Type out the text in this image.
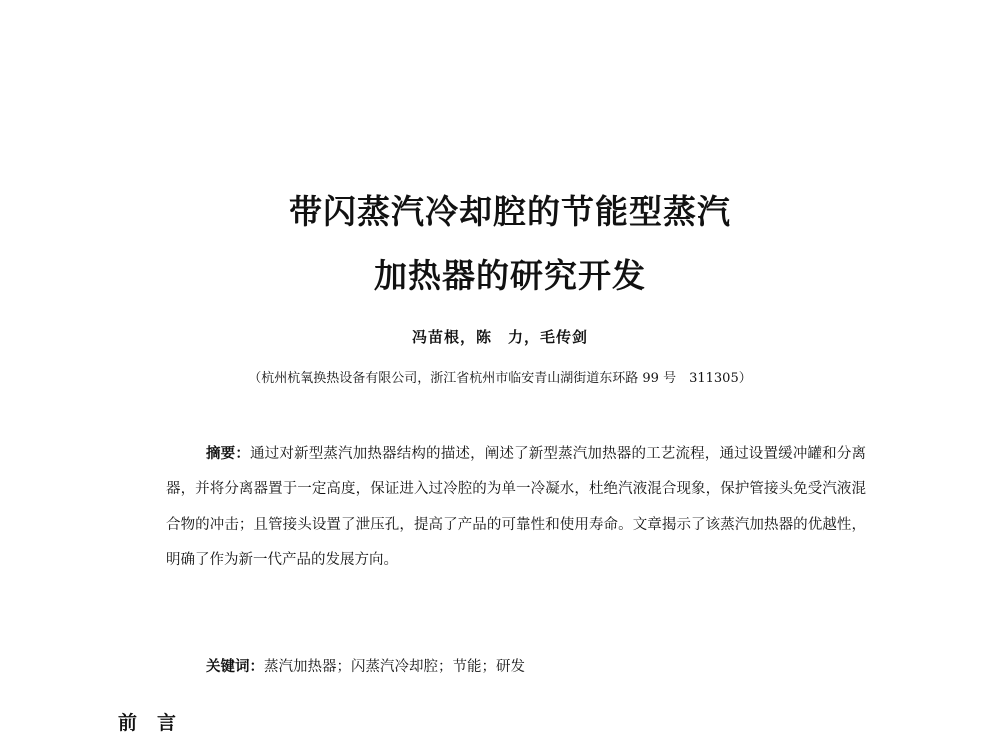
带闪蒸汽冷却腔的节能型蒸汽
加热器的研究开发
冯苗根，陈　力，毛传剑
（杭州杭氧换热设备有限公司，浙江省杭州市临安青山湖街道东环路 99 号　311305）

摘要：通过对新型蒸汽加热器结构的描述，阐述了新型蒸汽加热器的工艺流程，通过设置缓冲罐和分离器，并将分离器置于一定高度，保证进入过冷腔的为单一冷凝水，杜绝汽液混合现象，保护管接头免受汽液混合物的冲击；且管接头设置了泄压孔，提高了产品的可靠性和使用寿命。文章揭示了该蒸汽加热器的优越性，明确了作为新一代产品的发展方向。

关键词：蒸汽加热器；闪蒸汽冷却腔；节能；研发
前言
